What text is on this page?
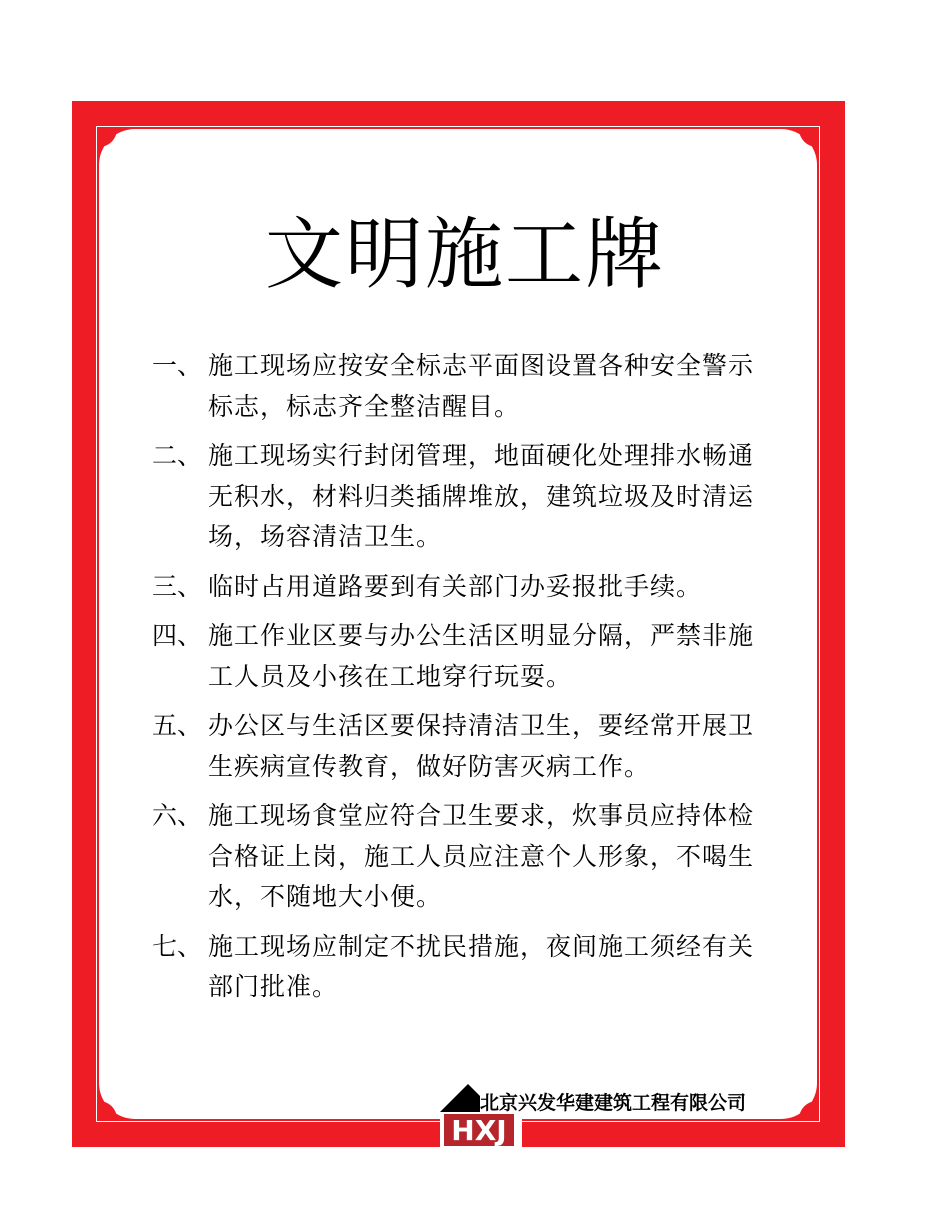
文明施工牌
一、 施工现场应按安全标志平面图设置各种安全警示标志，标志齐全整洁醒目。
二、 施工现场实行封闭管理，地面硬化处理排水畅通无积水，材料归类插牌堆放，建筑垃圾及时清运场，场容清洁卫生。
三、 临时占用道路要到有关部门办妥报批手续。
四、 施工作业区要与办公生活区明显分隔，严禁非施工人员及小孩在工地穿行玩耍。
五、 办公区与生活区要保持清洁卫生，要经常开展卫生疾病宣传教育，做好防害灭病工作。
六、 施工现场食堂应符合卫生要求，炊事员应持体检合格证上岗，施工人员应注意个人形象，不喝生水，不随地大小便。
七、 施工现场应制定不扰民措施，夜间施工须经有关部门批准。
HXJ
北京兴发华建建筑工程有限公司
